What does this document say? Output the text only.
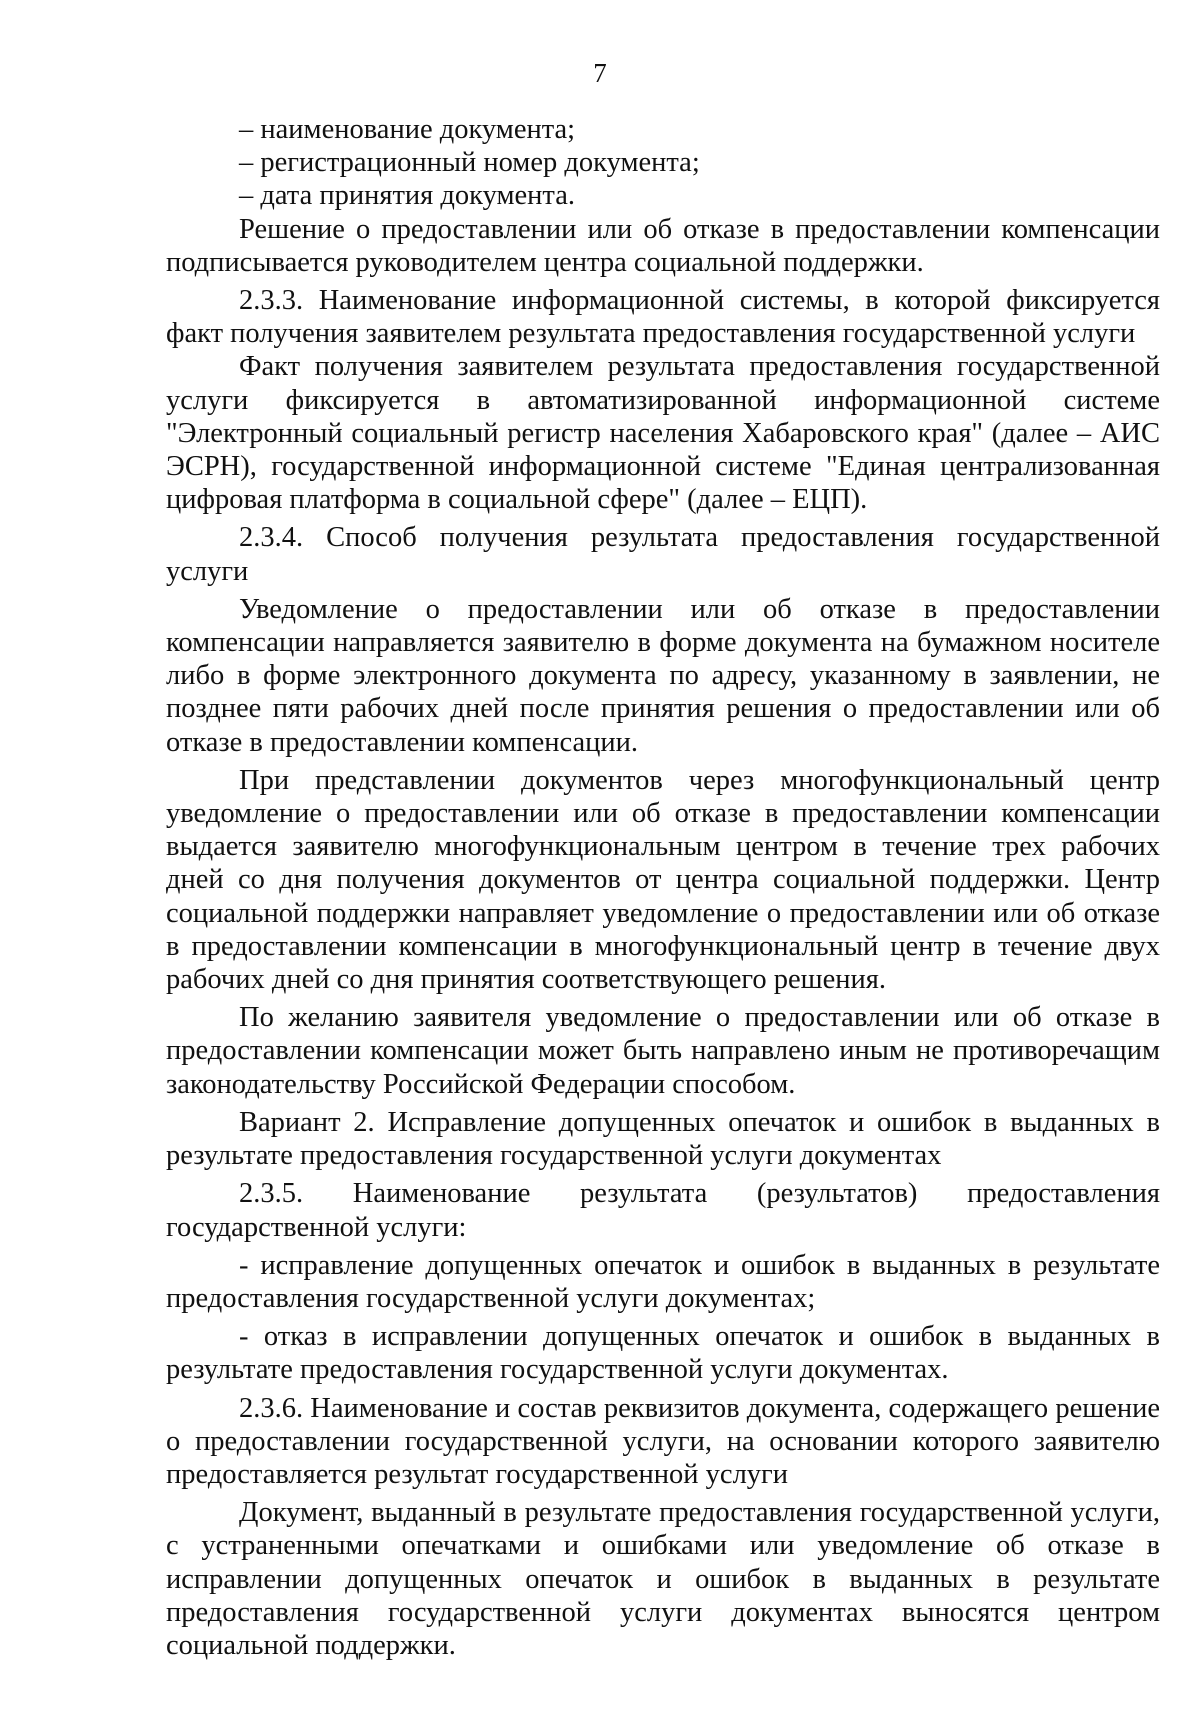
7

– наименование документа;

– регистрационный номер документа;

– дата принятия документа.

Решение о предоставлении или об отказе в предоставлении компенсации подписывается руководителем центра социальной поддержки.

2.3.3. Наименование информационной системы, в которой фиксируется факт получения заявителем результата предоставления государственной услуги

Факт получения заявителем результата предоставления государственной услуги фиксируется в автоматизированной информационной системе "Электронный социальный регистр населения Хабаровского края" (далее – АИС ЭСРН), государственной информационной системе "Единая централизованная цифровая платформа в социальной сфере" (далее – ЕЦП).

2.3.4. Способ получения результата предоставления государственной услуги

Уведомление о предоставлении или об отказе в предоставлении компенсации направляется заявителю в форме документа на бумажном носителе либо в форме электронного документа по адресу, указанному в заявлении, не позднее пяти рабочих дней после принятия решения о предоставлении или об отказе в предоставлении компенсации.

При представлении документов через многофункциональный центр уведомление о предоставлении или об отказе в предоставлении компенсации выдается заявителю многофункциональным центром в течение трех рабочих дней со дня получения документов от центра социальной поддержки. Центр социальной поддержки направляет уведомление о предоставлении или об отказе в предоставлении компенсации в многофункциональный центр в течение двух рабочих дней со дня принятия соответствующего решения.

По желанию заявителя уведомление о предоставлении или об отказе в предоставлении компенсации может быть направлено иным не противоречащим законодательству Российской Федерации способом.

Вариант 2. Исправление допущенных опечаток и ошибок в выданных в результате предоставления государственной услуги документах

2.3.5. Наименование результата (результатов) предоставления государственной услуги:

- исправление допущенных опечаток и ошибок в выданных в результате предоставления государственной услуги документах;

- отказ в исправлении допущенных опечаток и ошибок в выданных в результате предоставления государственной услуги документах.

2.3.6. Наименование и состав реквизитов документа, содержащего решение о предоставлении государственной услуги, на основании которого заявителю предоставляется результат государственной услуги

Документ, выданный в результате предоставления государственной услуги, с устраненными опечатками и ошибками или уведомление об отказе в исправлении допущенных опечаток и ошибок в выданных в результате предоставления государственной услуги документах выносятся центром социальной поддержки.
